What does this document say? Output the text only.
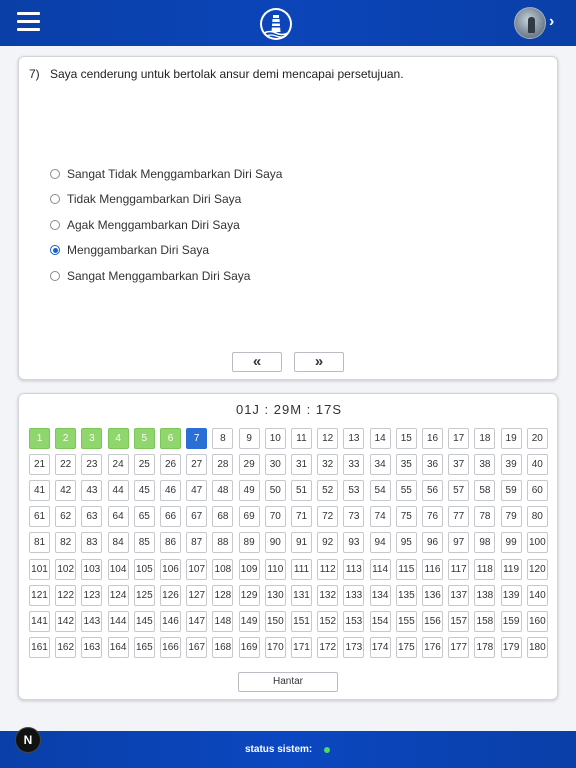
›
7) Saya cenderung untuk bertolak ansur demi mencapai persetujuan.
Sangat Tidak Menggambarkan Diri Saya
Tidak Menggambarkan Diri Saya
Agak Menggambarkan Diri Saya
Menggambarkan Diri Saya
Sangat Menggambarkan Diri Saya
«	»
01J : 29M : 17S
1	2	3	4	5	6	7	8	9	10	11	12	13	14	15	16	17	18	19	20
21	22	23	24	25	26	27	28	29	30	31	32	33	34	35	36	37	38	39	40
41	42	43	44	45	46	47	48	49	50	51	52	53	54	55	56	57	58	59	60
61	62	63	64	65	66	67	68	69	70	71	72	73	74	75	76	77	78	79	80
81	82	83	84	85	86	87	88	89	90	91	92	93	94	95	96	97	98	99	100
101 102 103 104 105 106 107 108 109 110 111 112 113 114 115 116 117 118 119 120
121 122 123 124 125 126 127 128 129 130 131 132 133 134 135 136 137 138 139 140
141 142 143 144 145 146 147 148 149 150 151 152 153 154 155 156 157 158 159 160
161 162 163 164 165 166 167 168 169 170 171 172 173 174 175 176 177 178 179 180
Hantar
status sistem:
N
